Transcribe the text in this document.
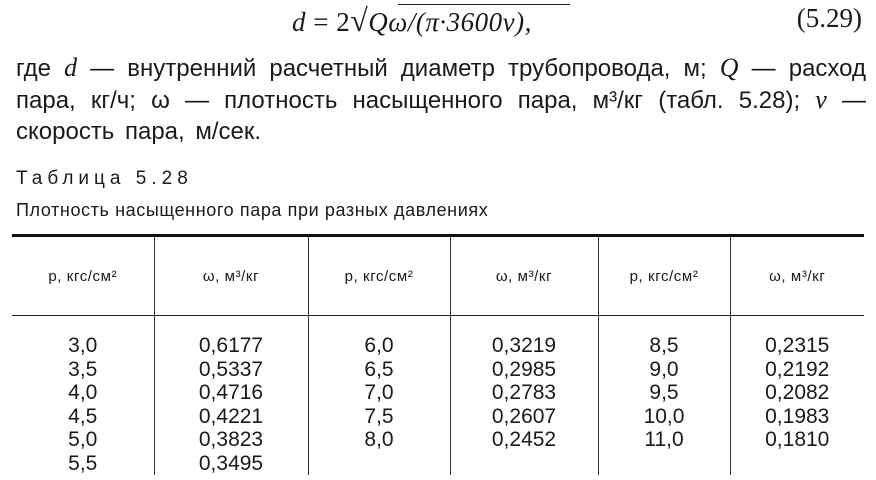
d = 2√Qω/(π·3600v),	(5.29)
где d — внутренний расчетный диаметр трубопровода, м; Q — расход пара, кг/ч; ω — плотность насыщенного пара, м³/кг (табл. 5.28); v — скорость пара, м/сек.
Таблица 5.28
Плотность насыщенного пара при разных давлениях
p, кгс/см²	ω, м³/кг	p, кгс/см²	ω, м³/кг	p, кгс/см²	ω, м³/кг
3,0	0,6177	6,0	0,3219	8,5	0,2315
3,5	0,5337	6,5	0,2985	9,0	0,2192
4,0	0,4716	7,0	0,2783	9,5	0,2082
4,5	0,4221	7,5	0,2607	10,0	0,1983
5,0	0,3823	8,0	0,2452	11,0	0,1810
5,5	0,3495				
